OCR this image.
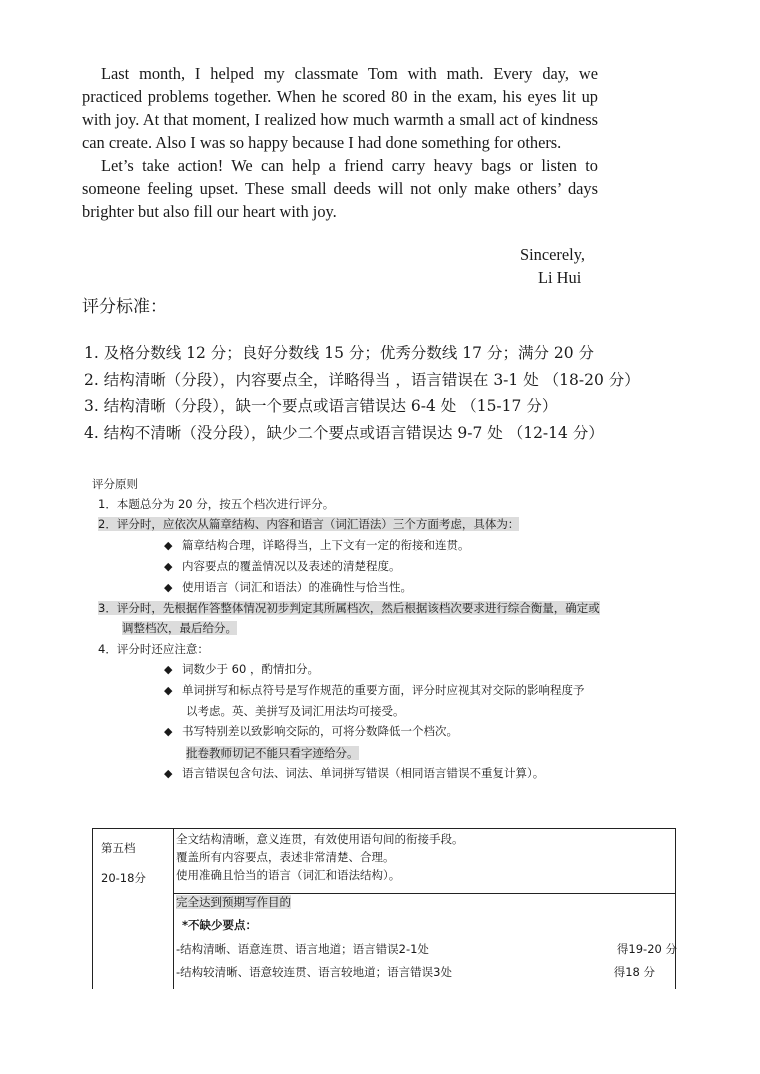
Last month, I helped my classmate Tom with math. Every day, we practiced problems together. When he scored 80 in the exam, his eyes lit up with joy. At that moment, I realized how much warmth a small act of kindness can create. Also I was so happy because I had done something for others.

Let’s take action! We can help a friend carry heavy bags or listen to someone feeling upset. These small deeds will not only make others’ days brighter but also fill our heart with joy.

Sincerely,
Li Hui
评分标准：
1. 及格分数线 12 分；良好分数线 15 分；优秀分数线 17 分；满分 20 分
2. 结构清晰（分段），内容要点全，详略得当 ，语言错误在 3-1 处 （18-20 分）
3. 结构清晰（分段），缺一个要点或语言错误达 6-4 处 （15-17 分）
4. 结构不清晰（没分段），缺少二个要点或语言错误达 9-7 处 （12-14 分）
评分原则
1．本题总分为 20 分，按五个档次进行评分。
2．评分时，应依次从篇章结构、内容和语言（词汇语法）三个方面考虑，具体为：
◆ 篇章结构合理，详略得当，上下文有一定的衔接和连贯。
◆ 内容要点的覆盖情况以及表述的清楚程度。
◆ 使用语言（词汇和语法）的准确性与恰当性。
3．评分时，先根据作答整体情况初步判定其所属档次，然后根据该档次要求进行综合衡量，确定或
调整档次，最后给分。
4．评分时还应注意：
◆ 词数少于 60 ，酌情扣分。
◆ 单词拼写和标点符号是写作规范的重要方面，评分时应视其对交际的影响程度予
以考虑。英、美拼写及词汇用法均可接受。
◆ 书写特别差以致影响交际的，可将分数降低一个档次。
批卷教师切记不能只看字迹给分。
◆ 语言错误包含句法、词法、单词拼写错误（相同语言错误不重复计算）。
第五档
20-18分
全文结构清晰，意义连贯，有效使用语句间的衔接手段。
覆盖所有内容要点，表述非常清楚、合理。
使用准确且恰当的语言（词汇和语法结构）。
完全达到预期写作目的
*不缺少要点：
-结构清晰、语意连贯、语言地道；语言错误2-1处	得19-20 分
-结构较清晰、语意较连贯、语言较地道；语言错误3处	得18 分
